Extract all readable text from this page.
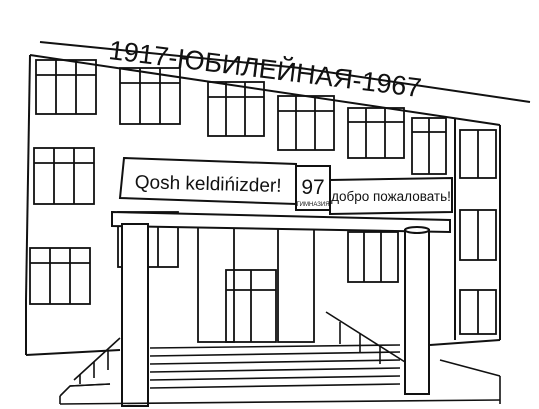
Qosh keldińizder! 97
ГИМНАЗИЯ
добро пожаловать!
1917-ЮБИЛЕЙНАЯ-1967
